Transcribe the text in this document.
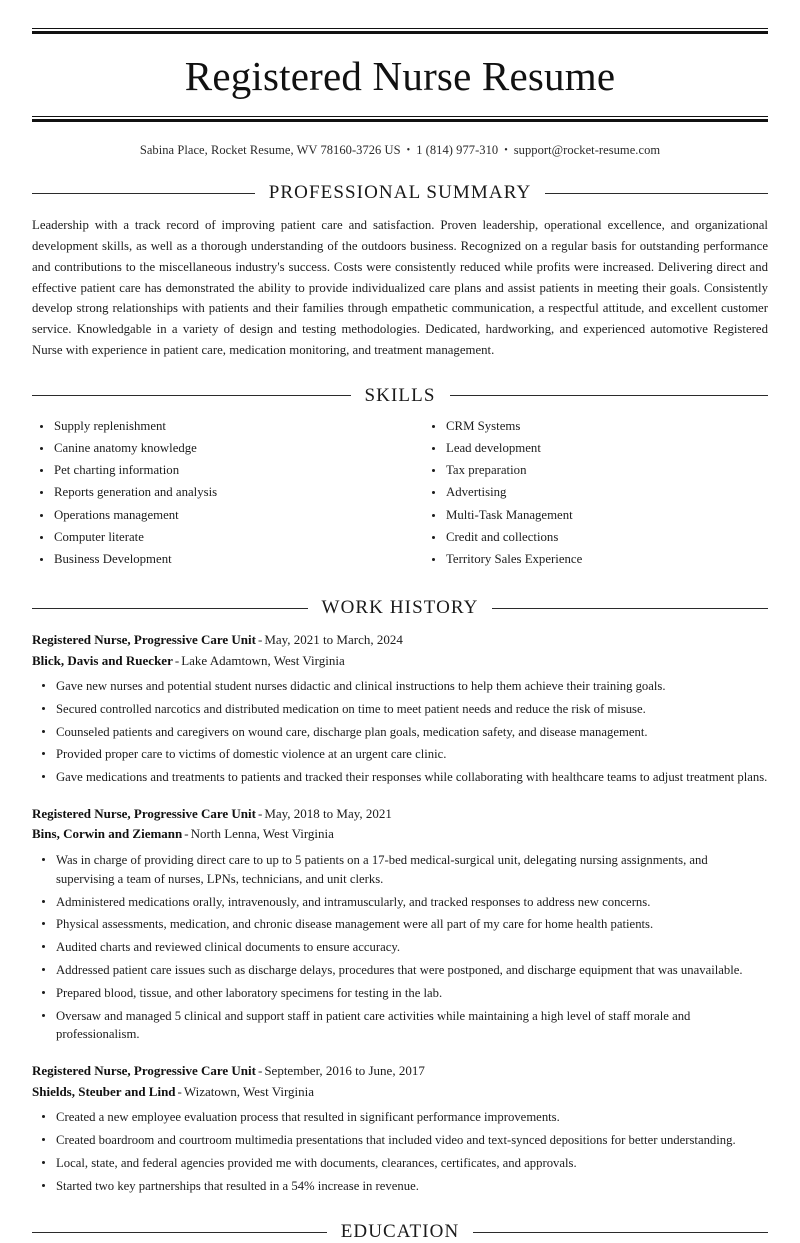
Registered Nurse Resume
Sabina Place, Rocket Resume, WV 78160-3726 US • 1 (814) 977-310 • support@rocket-resume.com
PROFESSIONAL SUMMARY

Leadership with a track record of improving patient care and satisfaction. Proven leadership, operational excellence, and organizational development skills, as well as a thorough understanding of the outdoors business. Recognized on a regular basis for outstanding performance and contributions to the miscellaneous industry's success. Costs were consistently reduced while profits were increased. Delivering direct and effective patient care has demonstrated the ability to provide individualized care plans and assist patients in meeting their goals. Consistently develop strong relationships with patients and their families through empathetic communication, a respectful attitude, and excellent customer service. Knowledgable in a variety of design and testing methodologies. Dedicated, hardworking, and experienced automotive Registered Nurse with experience in patient care, medication monitoring, and treatment management.

SKILLS
Supply replenishment
Canine anatomy knowledge
Pet charting information
Reports generation and analysis
Operations management
Computer literate
Business Development
CRM Systems
Lead development
Tax preparation
Advertising
Multi-Task Management
Credit and collections
Territory Sales Experience
WORK HISTORY
Registered Nurse, Progressive Care Unit - May, 2021 to March, 2024
Blick, Davis and Ruecker - Lake Adamtown, West Virginia
Gave new nurses and potential student nurses didactic and clinical instructions to help them achieve their training goals.
Secured controlled narcotics and distributed medication on time to meet patient needs and reduce the risk of misuse.
Counseled patients and caregivers on wound care, discharge plan goals, medication safety, and disease management.
Provided proper care to victims of domestic violence at an urgent care clinic.
Gave medications and treatments to patients and tracked their responses while collaborating with healthcare teams to adjust treatment plans.
Registered Nurse, Progressive Care Unit - May, 2018 to May, 2021
Bins, Corwin and Ziemann - North Lenna, West Virginia
Was in charge of providing direct care to up to 5 patients on a 17-bed medical-surgical unit, delegating nursing assignments, and supervising a team of nurses, LPNs, technicians, and unit clerks.
Administered medications orally, intravenously, and intramuscularly, and tracked responses to address new concerns.
Physical assessments, medication, and chronic disease management were all part of my care for home health patients.
Audited charts and reviewed clinical documents to ensure accuracy.
Addressed patient care issues such as discharge delays, procedures that were postponed, and discharge equipment that was unavailable.
Prepared blood, tissue, and other laboratory specimens for testing in the lab.
Oversaw and managed 5 clinical and support staff in patient care activities while maintaining a high level of staff morale and professionalism.
Registered Nurse, Progressive Care Unit - September, 2016 to June, 2017
Shields, Steuber and Lind - Wizatown, West Virginia
Created a new employee evaluation process that resulted in significant performance improvements.
Created boardroom and courtroom multimedia presentations that included video and text-synced depositions for better understanding.
Local, state, and federal agencies provided me with documents, clearances, certificates, and approvals.
Started two key partnerships that resulted in a 54% increase in revenue.
EDUCATION
